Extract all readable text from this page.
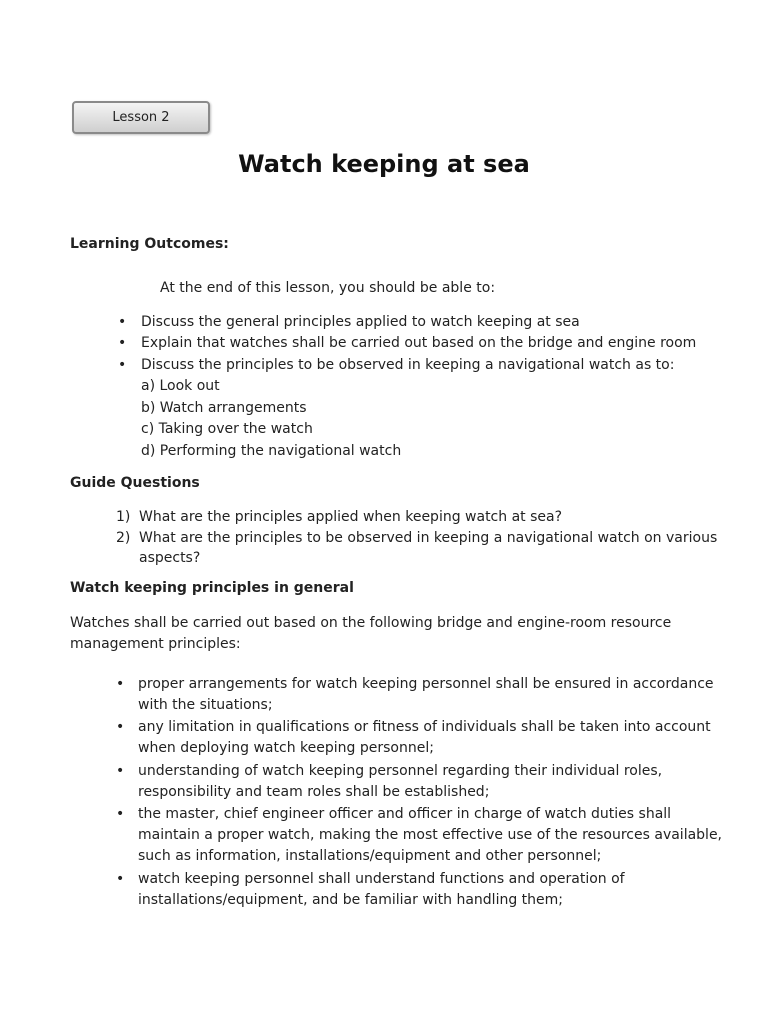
Lesson 2
Watch keeping at sea
Learning Outcomes:
At the end of this lesson, you should be able to:
• Discuss the general principles applied to watch keeping at sea
• Explain that watches shall be carried out based on the bridge and engine room
• Discuss the principles to be observed in keeping a navigational watch as to:
a) Look out
b) Watch arrangements
c) Taking over the watch
d) Performing the navigational watch
Guide Questions
1) What are the principles applied when keeping watch at sea?
2) What are the principles to be observed in keeping a navigational watch on various
aspects?
Watch keeping principles in general
Watches shall be carried out based on the following bridge and engine-room resource
management principles:
• proper arrangements for watch keeping personnel shall be ensured in accordance
with the situations;
• any limitation in qualifications or fitness of individuals shall be taken into account
when deploying watch keeping personnel;
• understanding of watch keeping personnel regarding their individual roles,
responsibility and team roles shall be established;
• the master, chief engineer officer and officer in charge of watch duties shall
maintain a proper watch, making the most effective use of the resources available,
such as information, installations/equipment and other personnel;
• watch keeping personnel shall understand functions and operation of
installations/equipment, and be familiar with handling them;
